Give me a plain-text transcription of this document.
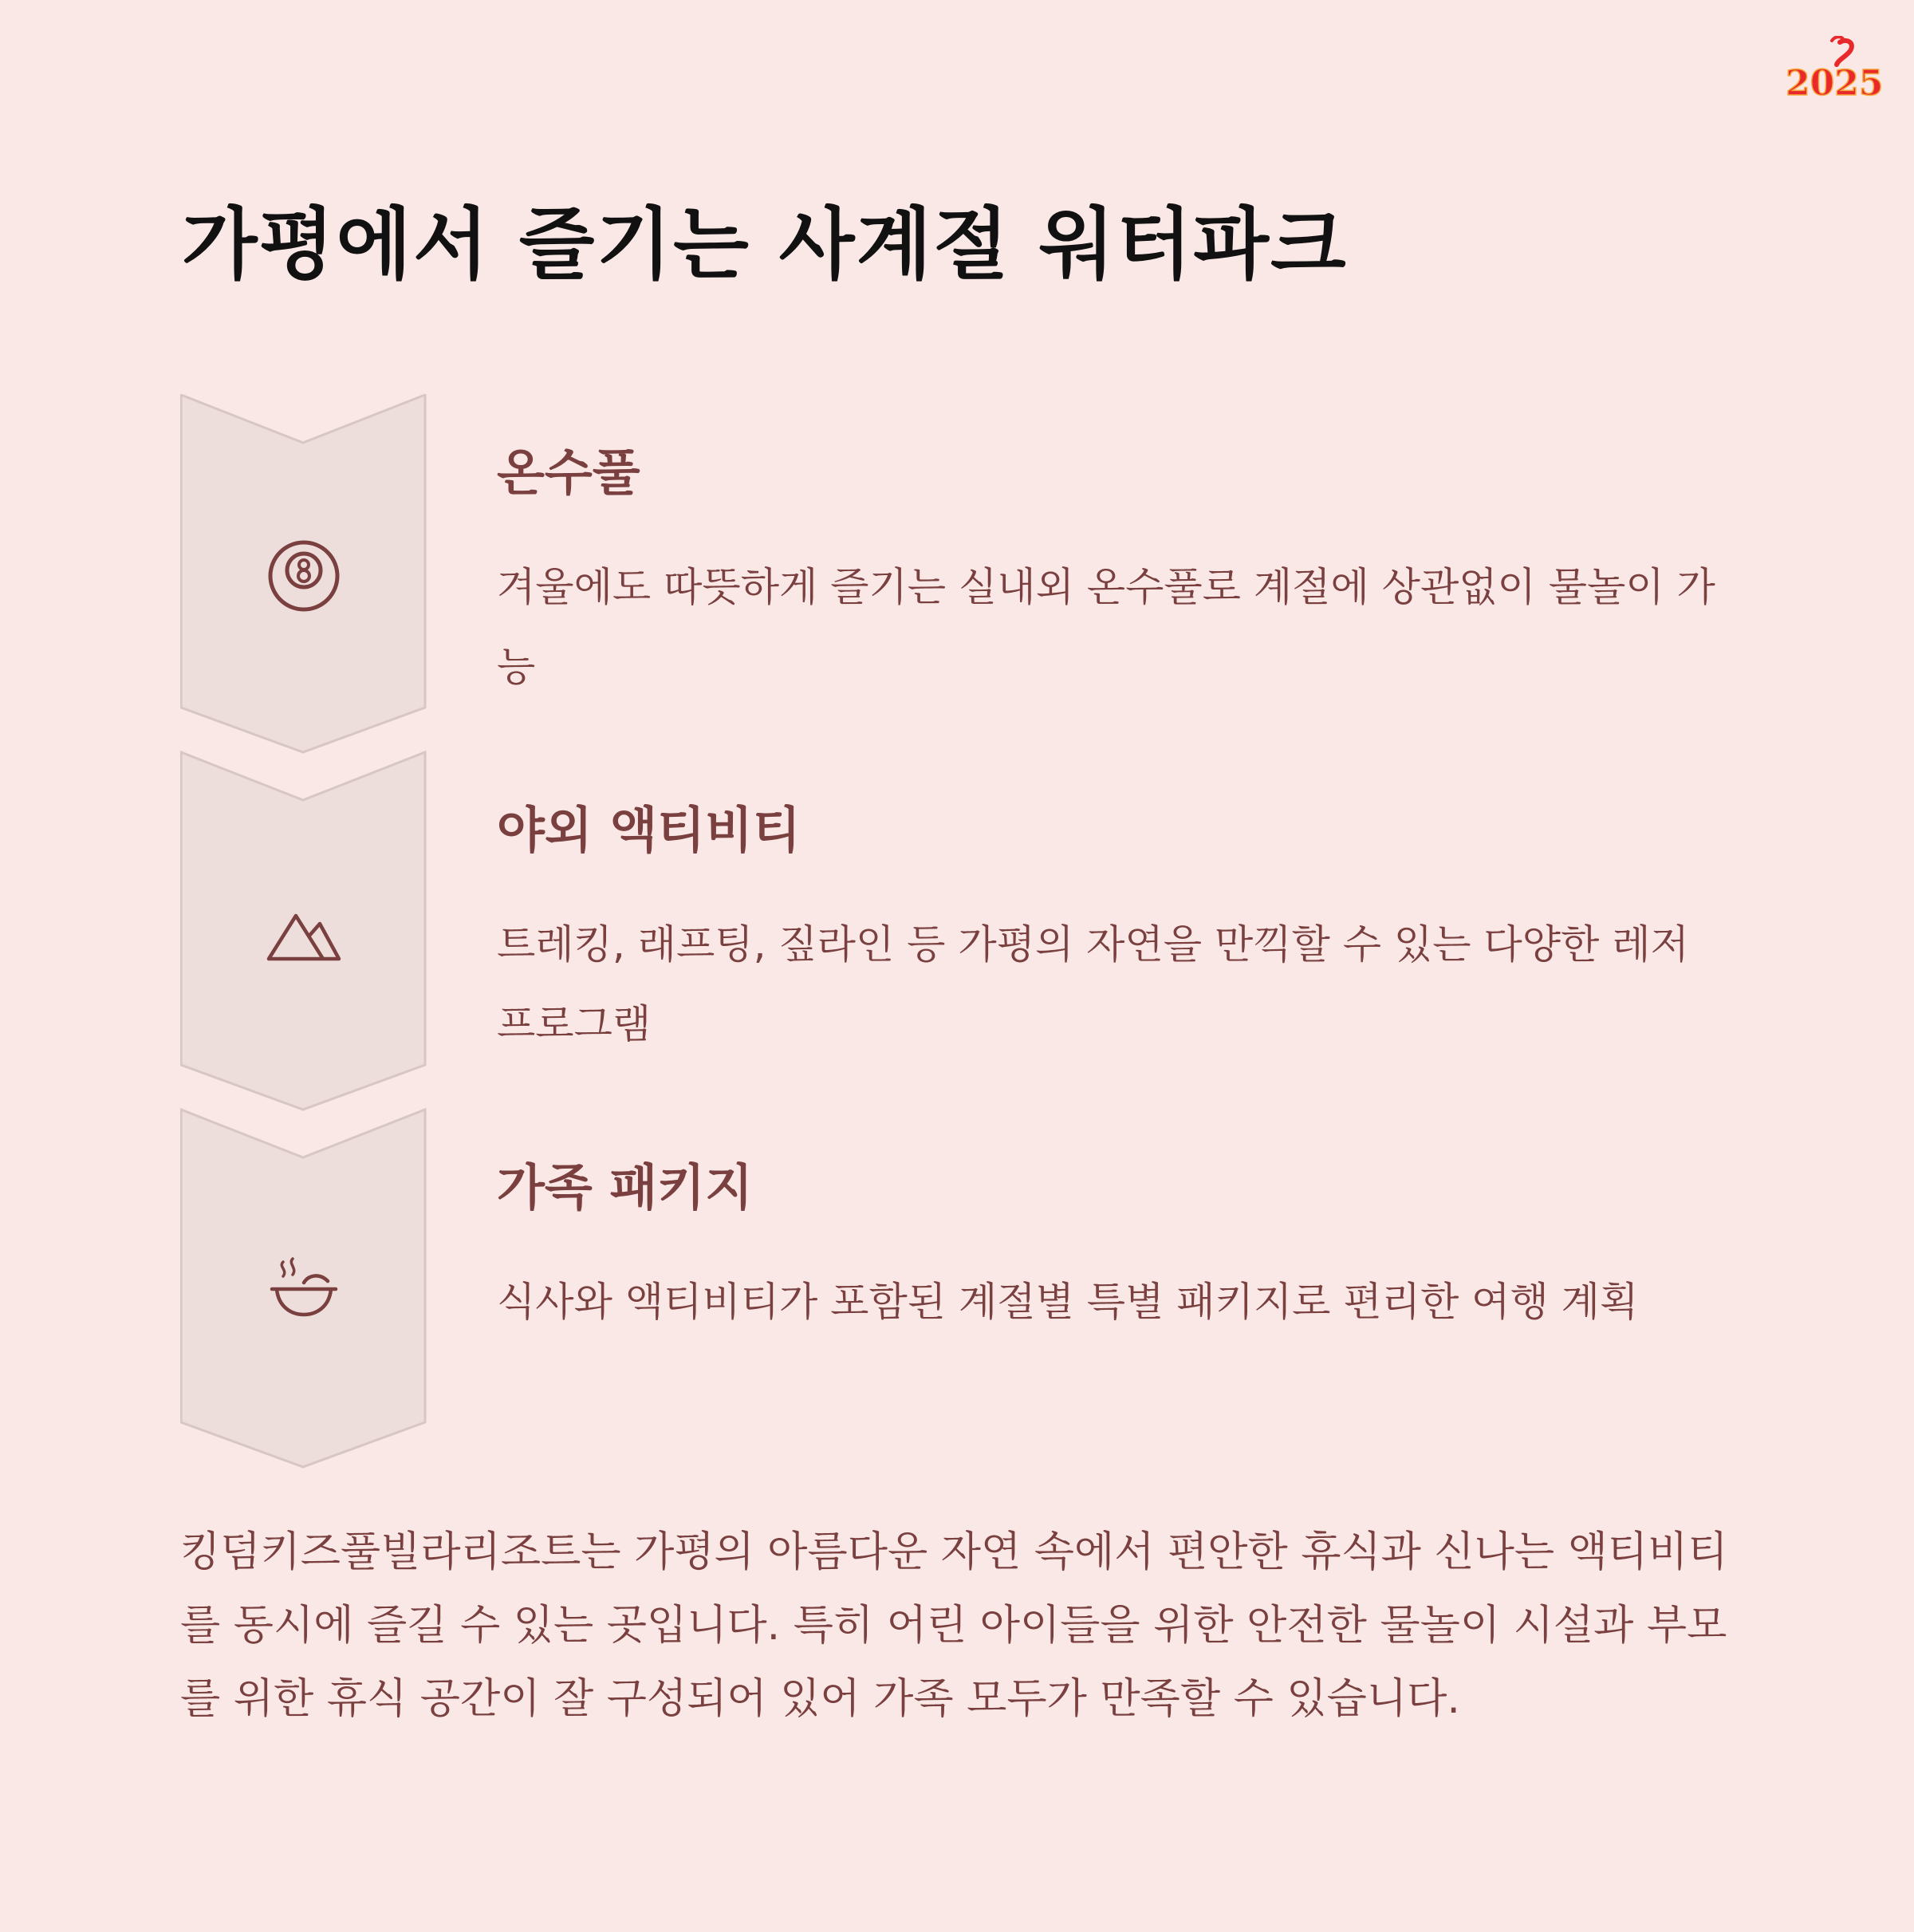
2025
가평에서 즐기는 사계절 워터파크
온수풀
겨울에도 따뜻하게 즐기는 실내외 온수풀로 계절에 상관없이 물놀이 가능
야외 액티비티
트레킹, 래프팅, 짚라인 등 가평의 자연을 만끽할 수 있는 다양한 레저 프로그램
가족 패키지
식사와 액티비티가 포함된 계절별 특별 패키지로 편리한 여행 계획
킹덤키즈풀빌라리조트는 가평의 아름다운 자연 속에서 편안한 휴식과 신나는 액티비티를 동시에 즐길 수 있는 곳입니다. 특히 어린 아이들을 위한 안전한 물놀이 시설과 부모를 위한 휴식 공간이 잘 구성되어 있어 가족 모두가 만족할 수 있습니다.
